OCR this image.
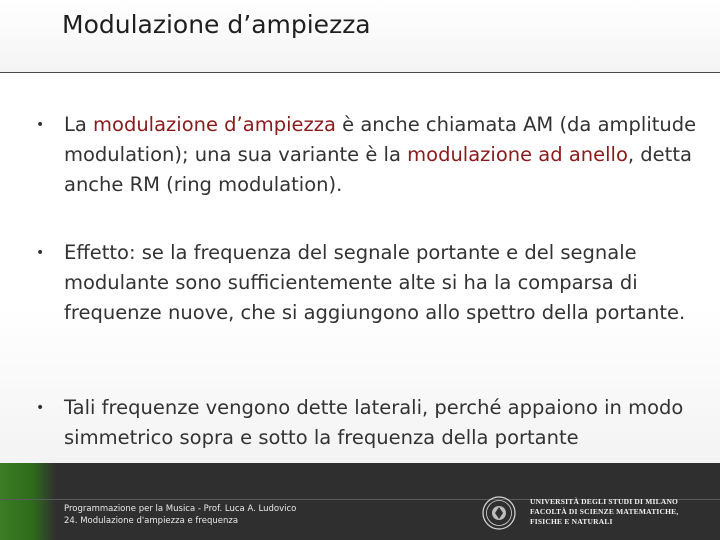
Modulazione d’ampiezza
• La modulazione d’ampiezza è anche chiamata AM (da amplitude modulation); una sua variante è la modulazione ad anello, detta anche RM (ring modulation).
• Effetto: se la frequenza del segnale portante e del segnale modulante sono sufficientemente alte si ha la comparsa di frequenze nuove, che si aggiungono allo spettro della portante.
• Tali frequenze vengono dette laterali, perché appaiono in modo simmetrico sopra e sotto la frequenza della portante
Programmazione per la Musica - Prof. Luca A. Ludovico
24. Modulazione d'ampiezza e frequenza
UNIVERSITÀ DEGLI STUDI DI MILANO
FACOLTÀ DI SCIENZE MATEMATICHE,
FISICHE E NATURALI
